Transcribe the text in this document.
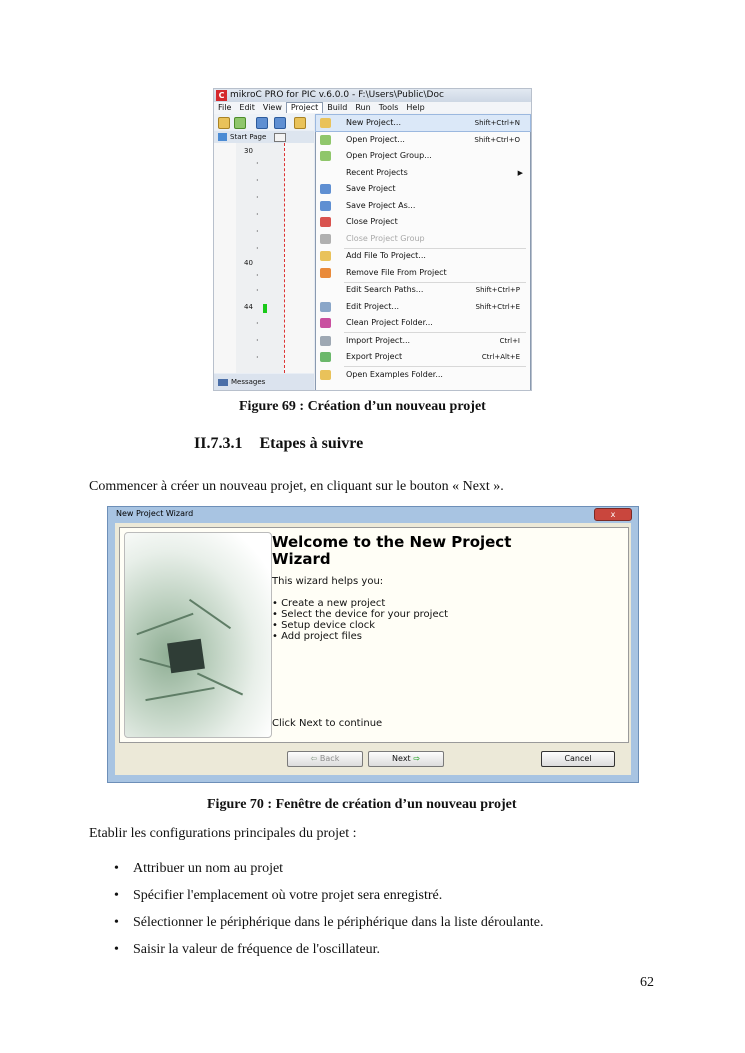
C mikroC PRO for PIC v.6.0.0 - F:\Users\Public\Doc
File Edit View Project Build Run Tools Help
Start Page
30
·
·
·
·
·
·
40
·
·
44
·
·
·
Messages
New Project...	Shift+Ctrl+N
Open Project...	Shift+Ctrl+O
Open Project Group...
Recent Projects	▶
Save Project
Save Project As...
Close Project
Close Project Group
Add File To Project...
Remove File From Project
Edit Search Paths...	Shift+Ctrl+P
Edit Project...	Shift+Ctrl+E
Clean Project Folder...
Import Project...	Ctrl+I
Export Project	Ctrl+Alt+E
Open Examples Folder...
Figure 69 : Création d’un nouveau projet
II.7.3.1 Etapes à suivre
Commencer à créer un nouveau projet, en cliquant sur le bouton « Next ».
New Project Wizard	x
Welcome to the New Project
Wizard
This wizard helps you:
• Create a new project
• Select the device for your project
• Setup device clock
• Add project files
Click Next to continue
⇦ Back	Next ⇨	Cancel
Figure 70 : Fenêtre de création d’un nouveau projet
Etablir les configurations principales du projet :
• Attribuer un nom au projet
• Spécifier l'emplacement où votre projet sera enregistré.
• Sélectionner le périphérique dans le périphérique dans la liste déroulante.
• Saisir la valeur de fréquence de l'oscillateur.
62
